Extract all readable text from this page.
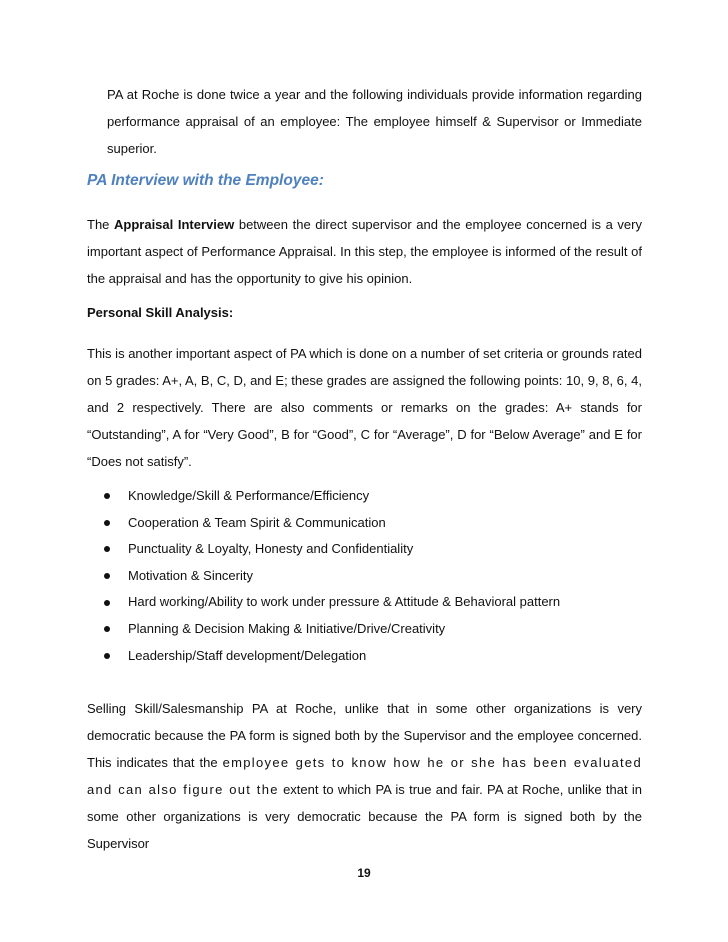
PA at Roche is done twice a year and the following individuals provide information regarding performance appraisal of an employee: The employee himself & Supervisor or Immediate superior.
PA Interview with the Employee:
The Appraisal Interview between the direct supervisor and the employee concerned is a very important aspect of Performance Appraisal. In this step, the employee is informed of the result of the appraisal and has the opportunity to give his opinion.
Personal Skill Analysis:
This is another important aspect of PA which is done on a number of set criteria or grounds rated on 5 grades: A+, A, B, C, D, and E; these grades are assigned the following points: 10, 9, 8, 6, 4, and 2 respectively. There are also comments or remarks on the grades: A+ stands for “Outstanding”, A for “Very Good”, B for “Good”, C for “Average”, D for “Below Average” and E for “Does not satisfy”.
Knowledge/Skill & Performance/Efficiency
Cooperation & Team Spirit & Communication
Punctuality & Loyalty, Honesty and Confidentiality
Motivation & Sincerity
Hard working/Ability to work under pressure & Attitude & Behavioral pattern
Planning & Decision Making & Initiative/Drive/Creativity
Leadership/Staff development/Delegation
Selling Skill/Salesmanship PA at Roche, unlike that in some other organizations is very democratic because the PA form is signed both by the Supervisor and the employee concerned. This indicates that the employee gets to know how he or she has been evaluated and can also figure out the extent to which PA is true and fair. PA at Roche, unlike that in some other organizations is very democratic because the PA form is signed both by the Supervisor
19
